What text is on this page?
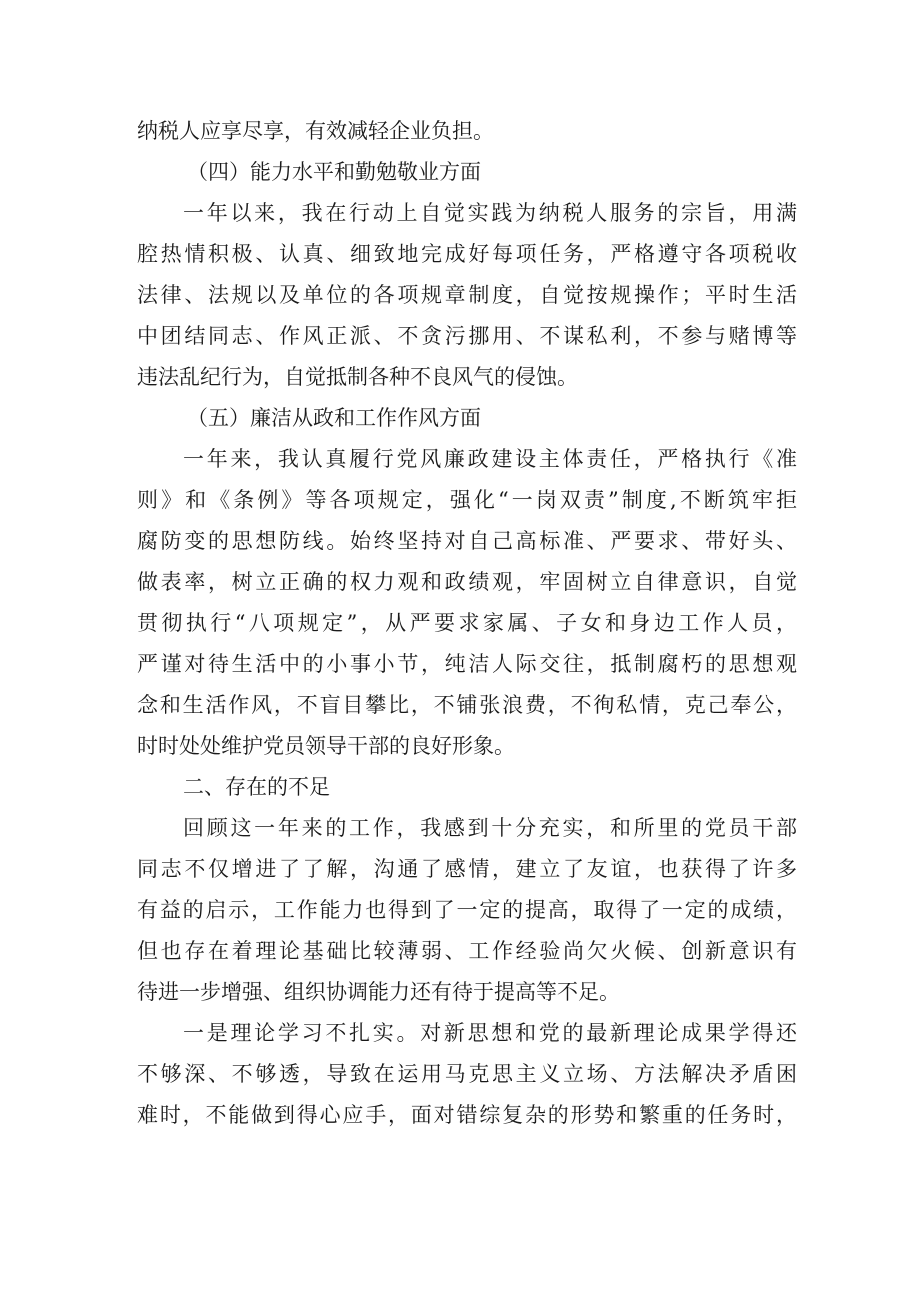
纳税人应享尽享，有效减轻企业负担。
（四）能力水平和勤勉敬业方面
一年以来，我在行动上自觉实践为纳税人服务的宗旨，用满
腔热情积极、认真、细致地完成好每项任务，严格遵守各项税收
法律、法规以及单位的各项规章制度，自觉按规操作；平时生活
中团结同志、作风正派、不贪污挪用、不谋私利，不参与赌博等
违法乱纪行为，自觉抵制各种不良风气的侵蚀。
（五）廉洁从政和工作作风方面
一年来，我认真履行党风廉政建设主体责任，严格执行《准
则》和《条例》等各项规定，强化“一岗双责”制度,不断筑牢拒
腐防变的思想防线。始终坚持对自己高标准、严要求、带好头、
做表率，树立正确的权力观和政绩观，牢固树立自律意识，自觉
贯彻执行“八项规定”，从严要求家属、子女和身边工作人员，
严谨对待生活中的小事小节，纯洁人际交往，抵制腐朽的思想观
念和生活作风，不盲目攀比，不铺张浪费，不徇私情，克己奉公，
时时处处维护党员领导干部的良好形象。
二、存在的不足
回顾这一年来的工作，我感到十分充实，和所里的党员干部
同志不仅增进了了解，沟通了感情，建立了友谊，也获得了许多
有益的启示，工作能力也得到了一定的提高，取得了一定的成绩，
但也存在着理论基础比较薄弱、工作经验尚欠火候、创新意识有
待进一步增强、组织协调能力还有待于提高等不足。
一是理论学习不扎实。对新思想和党的最新理论成果学得还
不够深、不够透，导致在运用马克思主义立场、方法解决矛盾困
难时，不能做到得心应手，面对错综复杂的形势和繁重的任务时，
